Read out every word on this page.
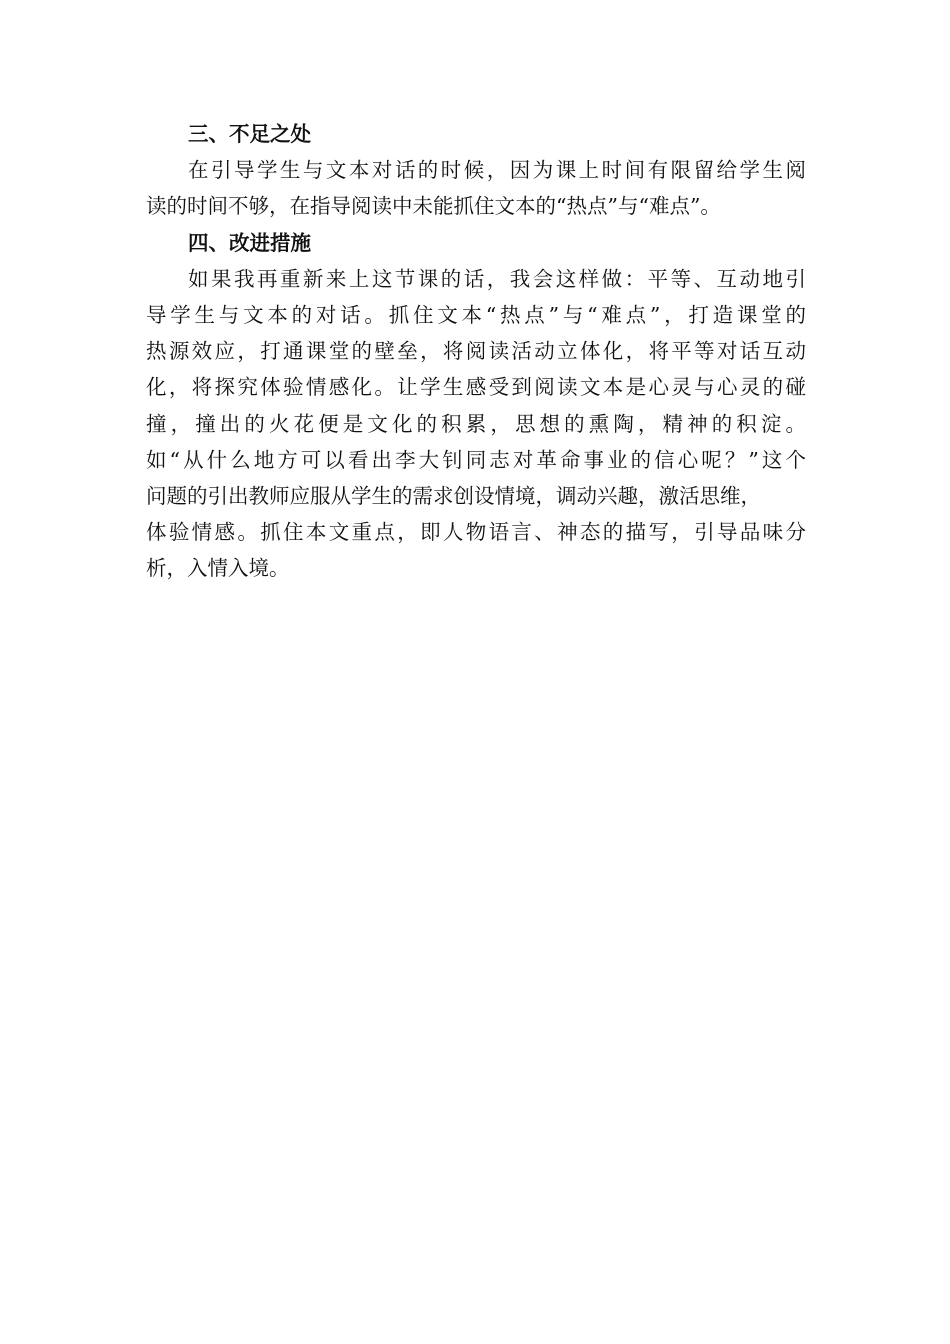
三、不足之处

在引导学生与文本对话的时候，因为课上时间有限留给学生阅
读的时间不够，在指导阅读中未能抓住文本的“热点”与“难点”。

四、改进措施

如果我再重新来上这节课的话，我会这样做：平等、互动地引
导学生与文本的对话。抓住文本“热点”与“难点”，打造课堂的
热源效应，打通课堂的壁垒，将阅读活动立体化，将平等对话互动
化，将探究体验情感化。让学生感受到阅读文本是心灵与心灵的碰
撞，撞出的火花便是文化的积累，思想的熏陶，精神的积淀。
如“从什么地方可以看出李大钊同志对革命事业的信心呢？”这个
问题的引出教师应服从学生的需求创设情境，调动兴趣，激活思维，
体验情感。抓住本文重点，即人物语言、神态的描写，引导品味分
析，入情入境。
